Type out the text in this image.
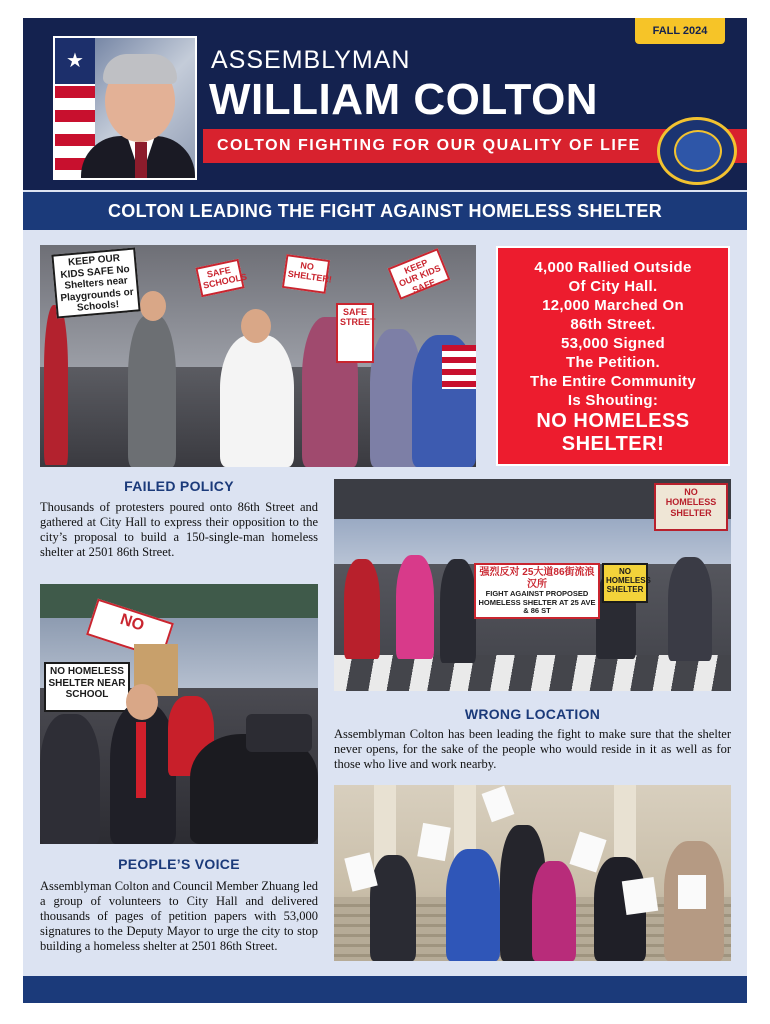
FALL 2024
★	ASSEMBLYMAN
WILLIAM COLTON
COLTON FIGHTING FOR OUR QUALITY OF LIFE
COLTON LEADING THE FIGHT AGAINST HOMELESS SHELTER
KEEP OUR KIDS SAFE No Shelters near Playgrounds or Schools!
SAFE SCHOOLS
NO SHELTER!
SAFE STREET
KEEP OUR KIDS SAFE
4,000 Rallied Outside
Of City Hall.
12,000 Marched On
86th Street.
53,000 Signed
The Petition.
The Entire Community
Is Shouting:
NO HOMELESS
SHELTER!
FAILED POLICY
Thousands of protesters poured onto 86th Street and gathered at City Hall to express their opposition to the city’s proposal to build a 150-single-man homeless shelter at 2501 86th Street.
强烈反对 25大道86街流浪汉所
FIGHT AGAINST PROPOSED HOMELESS SHELTER AT 25 AVE & 86 ST
NO HOMELESS SHELTER
NO HOMELESS SHELTER
NO
NO HOMELESS SHELTER NEAR SCHOOL
WRONG LOCATION
Assemblyman Colton has been leading the fight to make sure that the shelter never opens, for the sake of the people who would reside in it as well as for those who live and work nearby.
PEOPLE’S VOICE
Assemblyman Colton and Council Member Zhuang led a group of volunteers to City Hall and delivered thousands of pages of petition papers with 53,000 signatures to the Deputy Mayor to urge the city to stop building a homeless shelter at 2501 86th Street.
